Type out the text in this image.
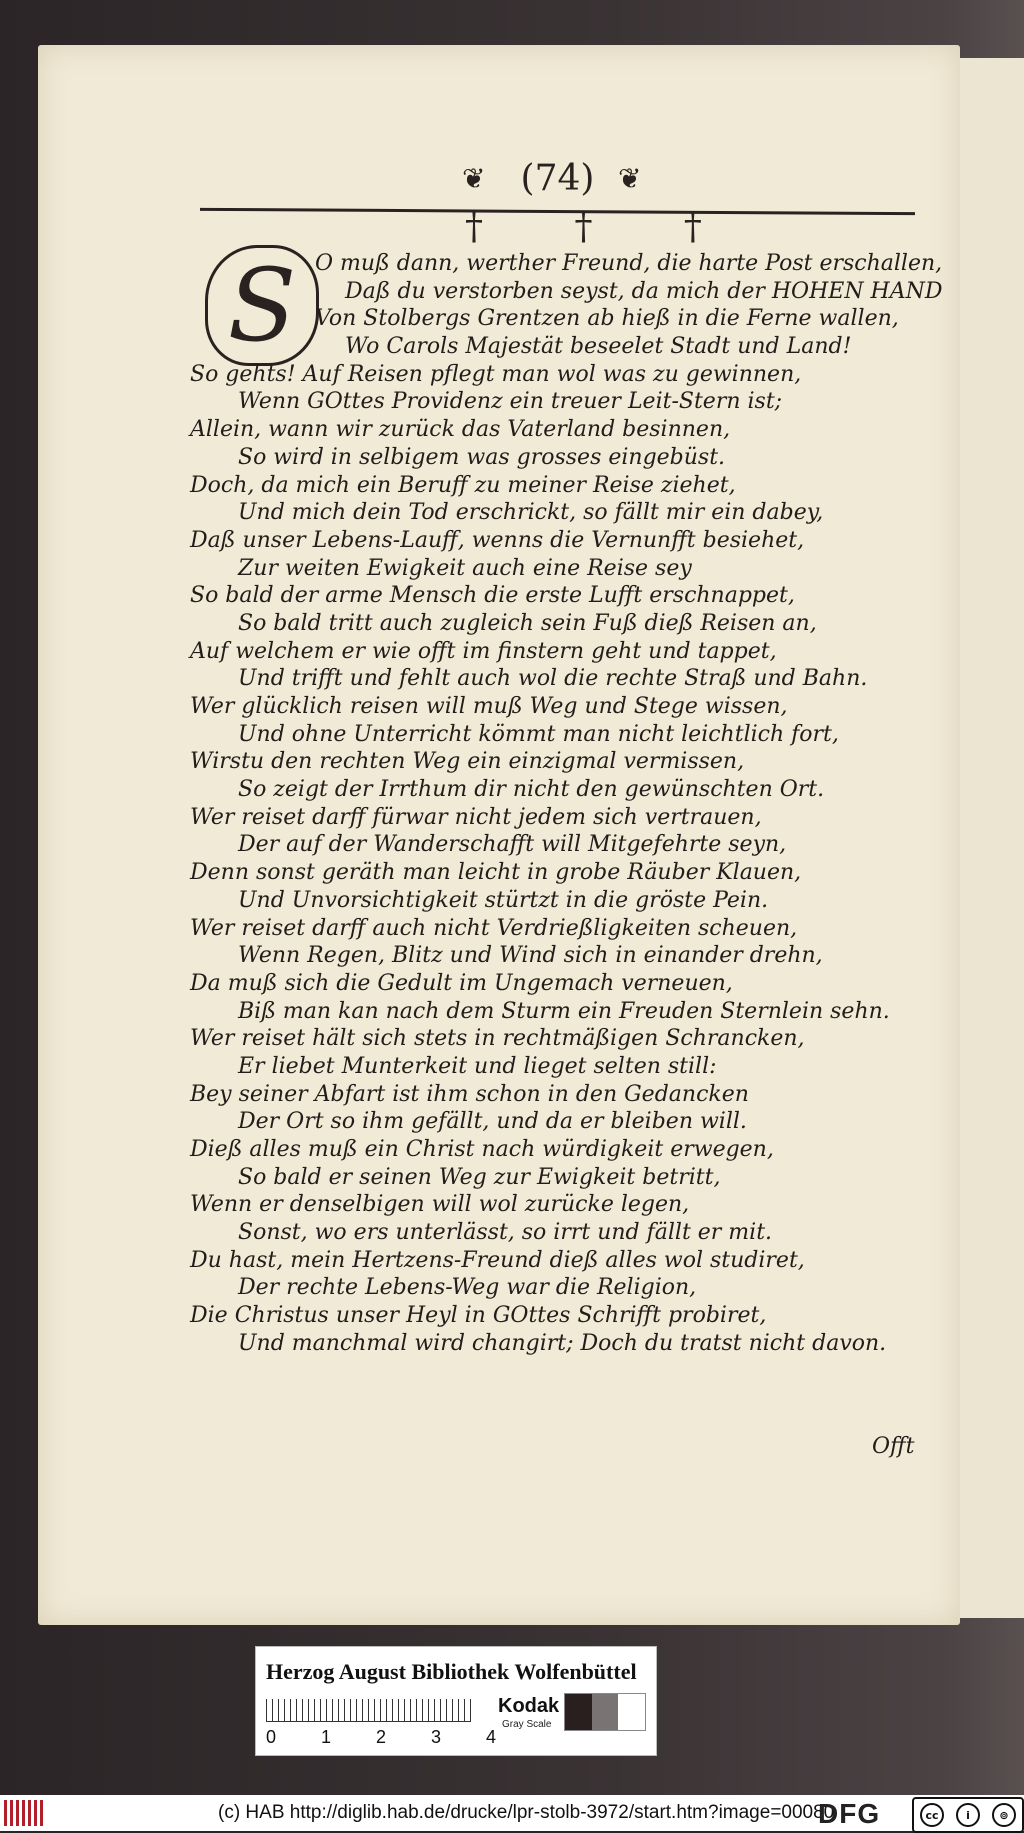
❦ (74) ❦
† † †
S O muß dann, werther Freund, die harte Post erschallen,
Daß du verstorben seyst, da mich der HOHEN HAND
Von Stolbergs Grentzen ab hieß in die Ferne wallen,
Wo Carols Majestät beseelet Stadt und Land!
So gehts! Auf Reisen pflegt man wol was zu gewinnen,
Wenn GOttes Providenz ein treuer Leit-Stern ist;
Allein, wann wir zurück das Vaterland besinnen,
So wird in selbigem was grosses eingebüst.
Doch, da mich ein Beruff zu meiner Reise ziehet,
Und mich dein Tod erschrickt, so fällt mir ein dabey,
Daß unser Lebens-Lauff, wenns die Vernunfft besiehet,
Zur weiten Ewigkeit auch eine Reise sey
So bald der arme Mensch die erste Lufft erschnappet,
So bald tritt auch zugleich sein Fuß dieß Reisen an,
Auf welchem er wie offt im finstern geht und tappet,
Und trifft und fehlt auch wol die rechte Straß und Bahn.
Wer glücklich reisen will muß Weg und Stege wissen,
Und ohne Unterricht kömmt man nicht leichtlich fort,
Wirstu den rechten Weg ein einzigmal vermissen,
So zeigt der Irrthum dir nicht den gewünschten Ort.
Wer reiset darff fürwar nicht jedem sich vertrauen,
Der auf der Wanderschafft will Mitgefehrte seyn,
Denn sonst geräth man leicht in grobe Räuber Klauen,
Und Unvorsichtigkeit stürtzt in die gröste Pein.
Wer reiset darff auch nicht Verdrießligkeiten scheuen,
Wenn Regen, Blitz und Wind sich in einander drehn,
Da muß sich die Gedult im Ungemach verneuen,
Biß man kan nach dem Sturm ein Freuden Sternlein sehn.
Wer reiset hält sich stets in rechtmäßigen Schrancken,
Er liebet Munterkeit und lieget selten still:
Bey seiner Abfart ist ihm schon in den Gedancken
Der Ort so ihm gefällt, und da er bleiben will.
Dieß alles muß ein Christ nach würdigkeit erwegen,
So bald er seinen Weg zur Ewigkeit betritt,
Wenn er denselbigen will wol zurücke legen,
Sonst, wo ers unterlässt, so irrt und fällt er mit.
Du hast, mein Hertzens-Freund dieß alles wol studiret,
Der rechte Lebens-Weg war die Religion,
Die Christus unser Heyl in GOttes Schrifft probiret,
Und manchmal wird changirt; Doch du tratst nicht davon.
Offt
Herzog August Bibliothek Wolfenbüttel
0 1 2 3 4
Kodak
Gray Scale
(c) HAB http://diglib.hab.de/drucke/lpr-stolb-3972/start.htm?image=00080
DFG	cc	i	⊚
